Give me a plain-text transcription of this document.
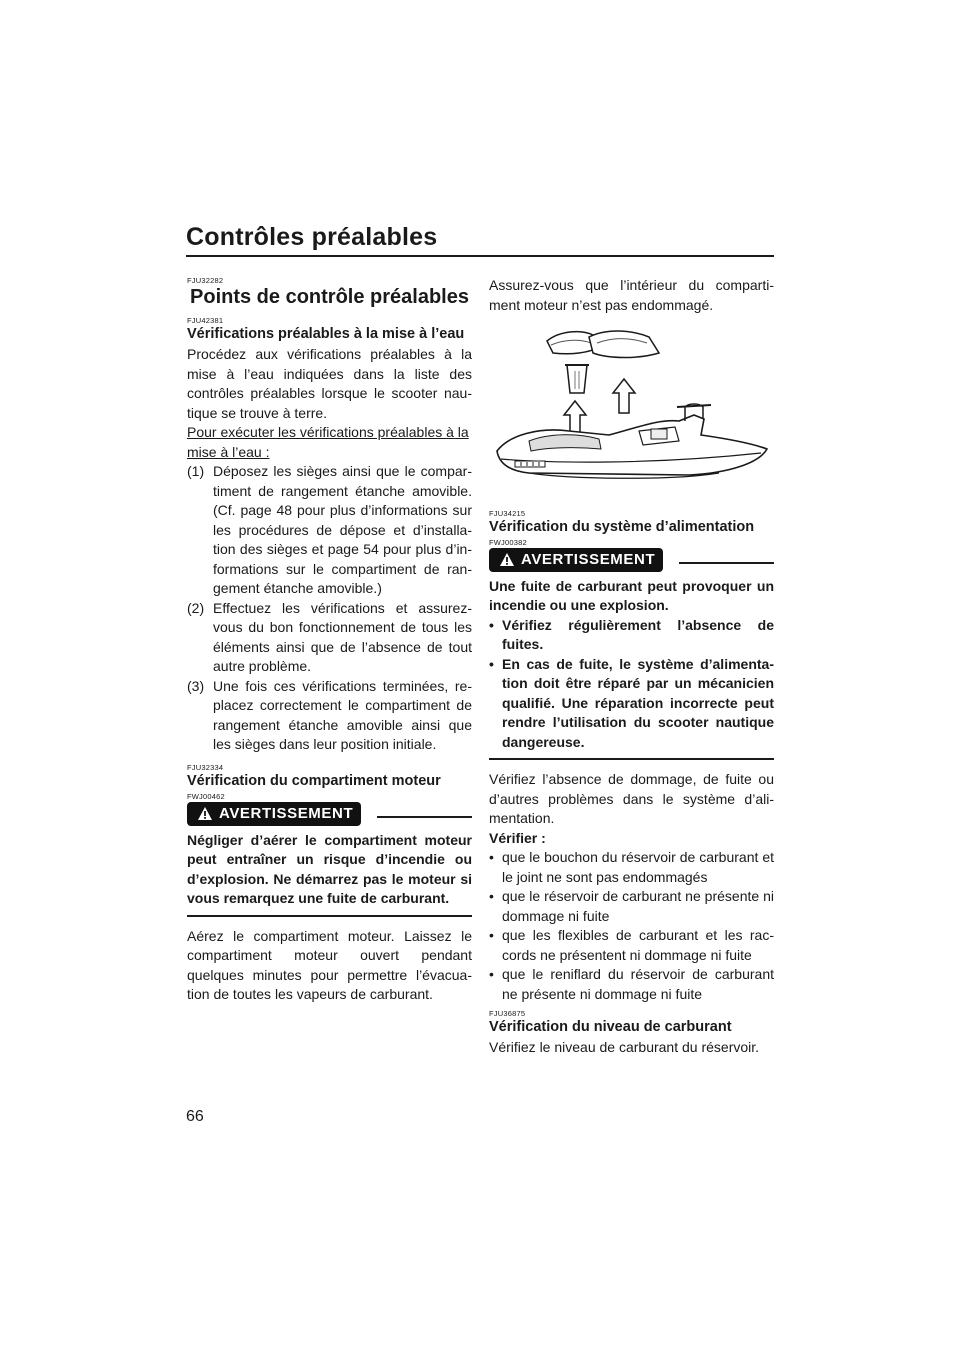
Contrôles préalables
FJU32282
Points de contrôle préalables
FJU42381
Vérifications préalables à la mise à l’eau

Procédez aux vérifications préalables à la mise à l’eau indiquées dans la liste des contrôles préalables lorsque le scooter nau-tique se trouve à terre.

Pour exécuter les vérifications préalables à la mise à l’eau :

(1) Déposez les sièges ainsi que le compar-timent de rangement étanche amovible. (Cf. page 48 pour plus d’informations sur les procédures de dépose et d’installa-tion des sièges et page 54 pour plus d’in-formations sur le compartiment de ran-gement étanche amovible.)
(2) Effectuez les vérifications et assurez-vous du bon fonctionnement de tous les éléments ainsi que de l’absence de tout autre problème.
(3) Une fois ces vérifications terminées, re-placez correctement le compartiment de rangement étanche amovible ainsi que les sièges dans leur position initiale.
FJU32334
Vérification du compartiment moteur
FWJ00462
AVERTISSEMENT

Négliger d’aérer le compartiment moteur peut entraîner un risque d’incendie ou d’explosion. Ne démarrez pas le moteur si vous remarquez une fuite de carburant.

Aérez le compartiment moteur. Laissez le compartiment moteur ouvert pendant quelques minutes pour permettre l’évacua-tion de toutes les vapeurs de carburant.

Assurez-vous que l’intérieur du comparti-ment moteur n’est pas endommagé.

FJU34215
Vérification du système d’alimentation
FWJ00382
AVERTISSEMENT

Une fuite de carburant peut provoquer un incendie ou une explosion.

• Vérifiez régulièrement l’absence de fuites.
• En cas de fuite, le système d’alimenta-tion doit être réparé par un mécanicien qualifié. Une réparation incorrecte peut rendre l’utilisation du scooter nautique dangereuse.

Vérifiez l’absence de dommage, de fuite ou d’autres problèmes dans le système d’ali-mentation.

Vérifier :
• que le bouchon du réservoir de carburant et le joint ne sont pas endommagés
• que le réservoir de carburant ne présente ni dommage ni fuite
• que les flexibles de carburant et les rac-cords ne présentent ni dommage ni fuite
• que le reniflard du réservoir de carburant ne présente ni dommage ni fuite
FJU36875
Vérification du niveau de carburant

Vérifiez le niveau de carburant du réservoir.

66
